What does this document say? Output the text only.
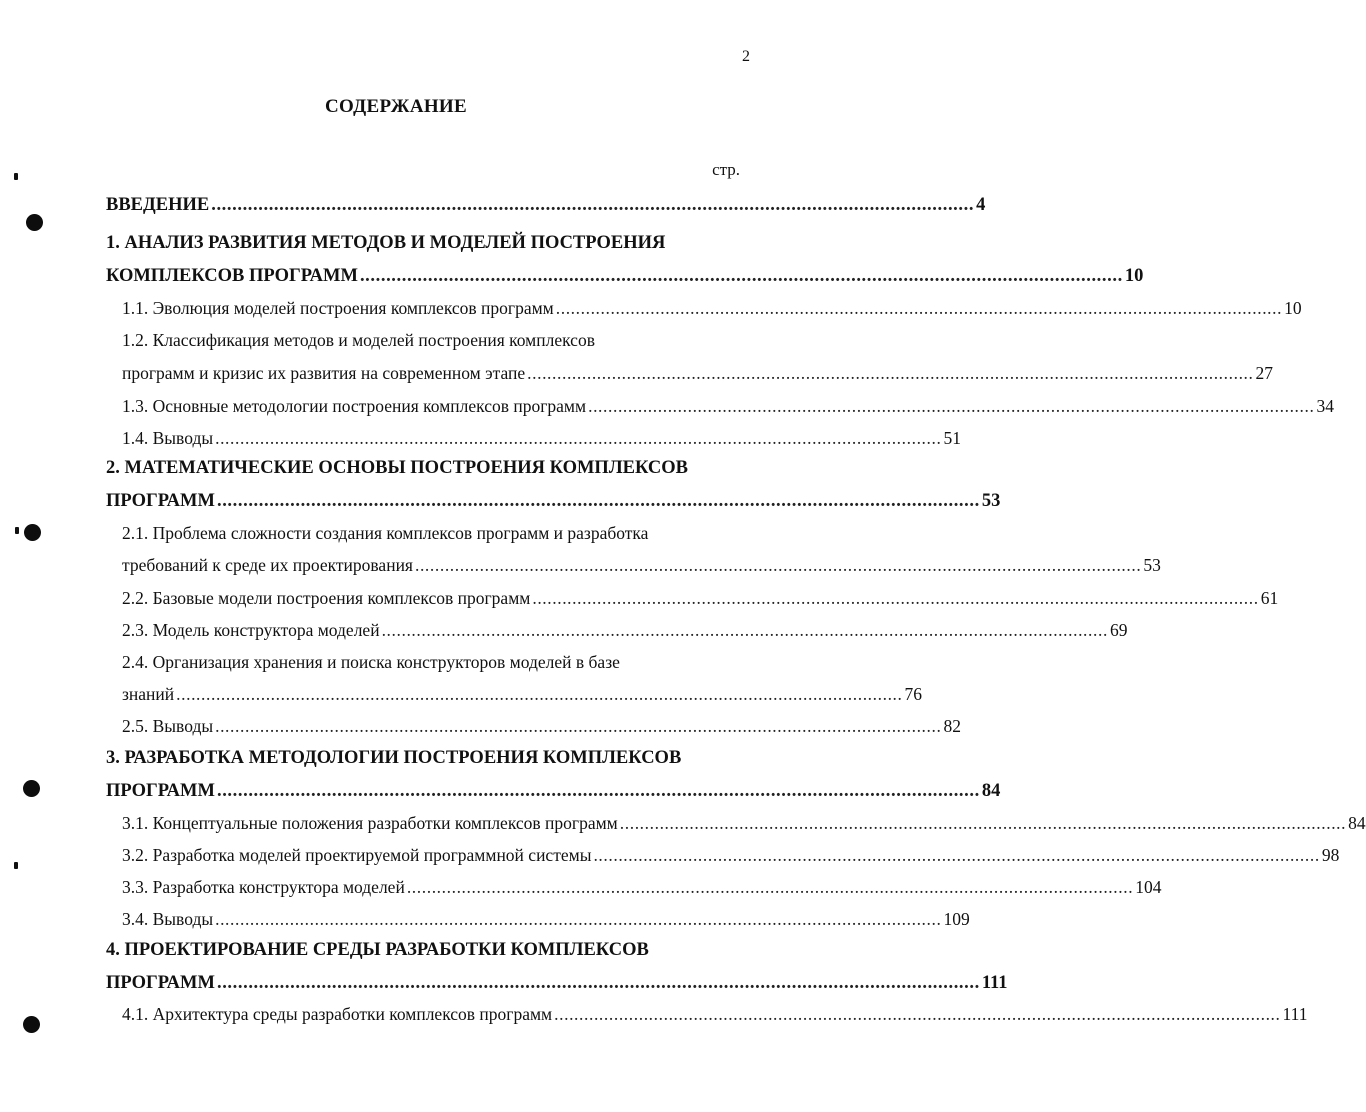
2
СОДЕРЖАНИЕ
стр.
ВВЕДЕНИЕ .................................................................................................................................................. 4
1. АНАЛИЗ РАЗВИТИЯ МЕТОДОВ И МОДЕЛЕЙ ПОСТРОЕНИЯ
КОМПЛЕКСОВ ПРОГРАММ .................................................................................................................................................. 10
1.1. Эволюция моделей построения комплексов программ .................................................................................................................................................. 10
1.2. Классификация методов и моделей построения комплексов
программ и кризис их развития на современном этапе .................................................................................................................................................. 27
1.3. Основные методологии построения комплексов программ .................................................................................................................................................. 34
1.4. Выводы .................................................................................................................................................. 51
2. МАТЕМАТИЧЕСКИЕ ОСНОВЫ ПОСТРОЕНИЯ КОМПЛЕКСОВ
ПРОГРАММ .................................................................................................................................................. 53
2.1. Проблема сложности создания комплексов программ и разработка
требований к среде их проектирования .................................................................................................................................................. 53
2.2. Базовые модели построения комплексов программ .................................................................................................................................................. 61
2.3. Модель конструктора моделей .................................................................................................................................................. 69
2.4. Организация хранения и поиска конструкторов моделей в базе
знаний .................................................................................................................................................. 76
2.5. Выводы .................................................................................................................................................. 82
3. РАЗРАБОТКА МЕТОДОЛОГИИ ПОСТРОЕНИЯ КОМПЛЕКСОВ
ПРОГРАММ .................................................................................................................................................. 84
3.1. Концептуальные положения разработки комплексов программ .................................................................................................................................................. 84
3.2. Разработка моделей проектируемой программной системы .................................................................................................................................................. 98
3.3. Разработка конструктора моделей .................................................................................................................................................. 104
3.4. Выводы .................................................................................................................................................. 109
4. ПРОЕКТИРОВАНИЕ СРЕДЫ РАЗРАБОТКИ КОМПЛЕКСОВ
ПРОГРАММ .................................................................................................................................................. 111
4.1. Архитектура среды разработки комплексов программ .................................................................................................................................................. 111
